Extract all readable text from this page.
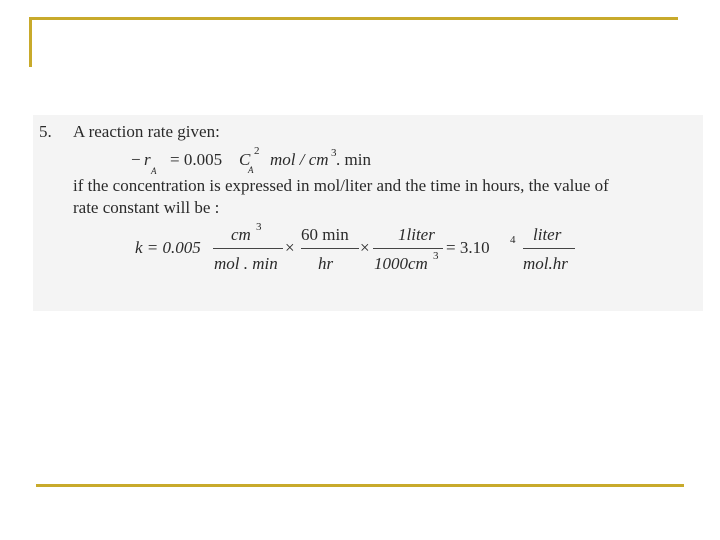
5. A reaction rate given:
− r
A
= 0.005 C
A
2 mol / cm 3 . min
if the concentration is expressed in mol/liter and the time in hours, the value of
rate constant will be :
k = 0.005
cm 3
mol . min
×
60 min
hr
×
1liter
1000cm 3 = 3.10 4 liter
mol.hr
